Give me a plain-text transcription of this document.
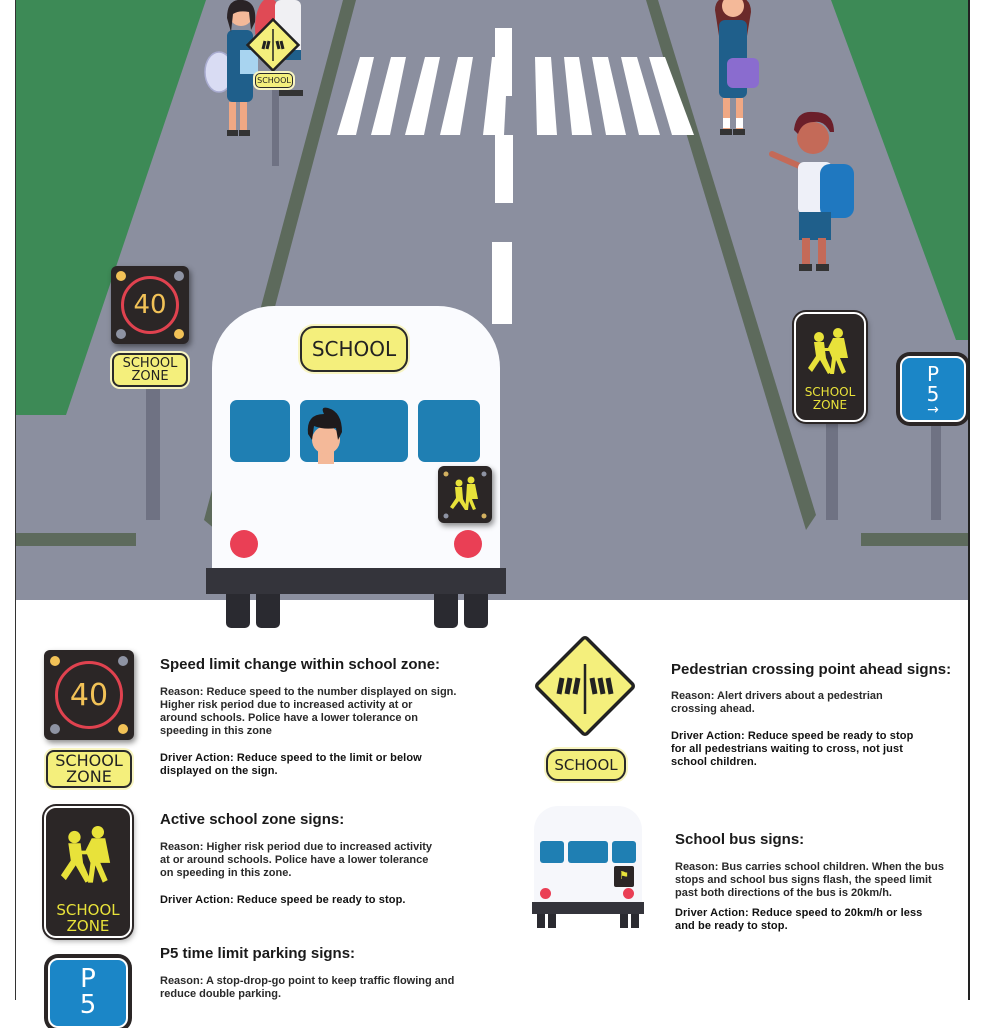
SCHOOL
40
SCHOOL
ZONE
SCHOOL
ZONE
P
5
→
SCHOOL
40
SCHOOL
ZONE
Speed limit change within school zone:
Reason: Reduce speed to the number displayed on sign.
Higher risk period due to increased activity at or
around schools. Police have a lower tolerance on
speeding in this zone
Driver Action: Reduce speed to the limit or below
displayed on the sign.
SCHOOL
ZONE
Active school zone signs:
Reason: Higher risk period due to increased activity
at or around schools. Police have a lower tolerance
on speeding in this zone.
Driver Action: Reduce speed be ready to stop.
P
5
P5 time limit parking signs:
Reason: A stop-drop-go point to keep traffic flowing and
reduce double parking.
SCHOOL
Pedestrian crossing point ahead signs:
Reason: Alert drivers about a pedestrian
crossing ahead.
Driver Action: Reduce speed be ready to stop
for all pedestrians waiting to cross, not just
school children.
⚑
School bus signs:
Reason: Bus carries school children. When the bus
stops and school bus signs flash, the speed limit
past both directions of the bus is 20km/h.
Driver Action: Reduce speed to 20km/h or less
and be ready to stop.
